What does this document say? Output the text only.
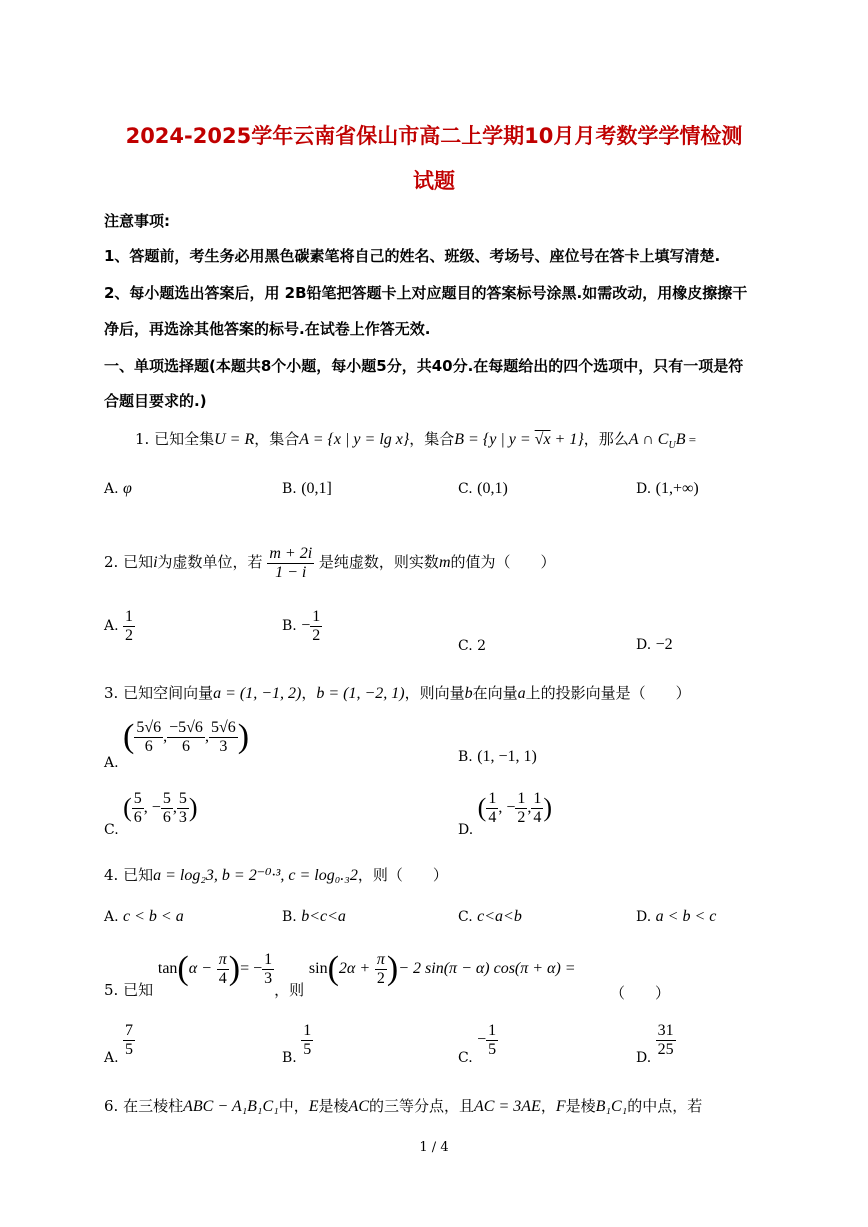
2024-2025学年云南省保山市高二上学期10月月考数学学情检测
试题
注意事项:
1、答题前，考生务必用黑色碳素笔将自己的姓名、班级、考场号、座位号在答卡上填写清楚.
2、每小题选出答案后，用 2B铅笔把答题卡上对应题目的答案标号涂黑.如需改动，用橡皮擦擦干
净后，再选涂其他答案的标号.在试卷上作答无效.
一、单项选择题(本题共8个小题，每小题5分，共40分.在每题给出的四个选项中，只有一项是符
合题目要求的.)
1. 已知全集U = R，集合A = {x | y = lg x}，集合B = {y | y = √x + 1}，那么A ∩ $C_UB$ =
A. φ	B. (0,1]	C. (0,1)	D. (1,+∞)
2. 已知i为虚数单位，若 $\frac{m + 2i}{1 - i}$ 是纯虚数，则实数m的值为（　　）
A. $\frac{1}{2}$	B. − $\frac{1}{2}$
C. 2	D. −2
3. 已知空间向量a = (1, −1, 2)，b = (1, −2, 1)，则向量b在向量a上的投影向量是（　　）
A. ( $\frac{5√6}{6}$ , $\frac{-5√6}{6}$ , $\frac{5√6}{3}$ )
B. (1, −1, 1)
C. ( $\frac{5}{6}$ , − $\frac{5}{6}$ , $\frac{5}{3}$ )
D. ( $\frac{1}{4}$ , − $\frac{1}{2}$ , $\frac{1}{4}$ )
4. 已知a = log₂3, b = 2⁻⁰·³, c = log₀.₃2，则（　　）
A. c < b < a	B. b<c<a	C. c<a<b	D. a < b < c
5. 已知 $\tan(\alpha - \frac{\pi}{4}$ )= − $\frac{1}{3}$
，则 $\sin(2\alpha + \frac{\pi}{2}$ )− 2 sin(π − α) cos(π + α) =
（　　）
A. $\frac{7}{5}$	B. $\frac{1}{5}$	C. − $\frac{1}{5}$	D. $\frac{31}{25}$
6. 在三棱柱ABC − A₁B₁C₁中，E是棱AC的三等分点，且AC = 3AE，F是棱B₁C₁的中点，若
1 / 4
